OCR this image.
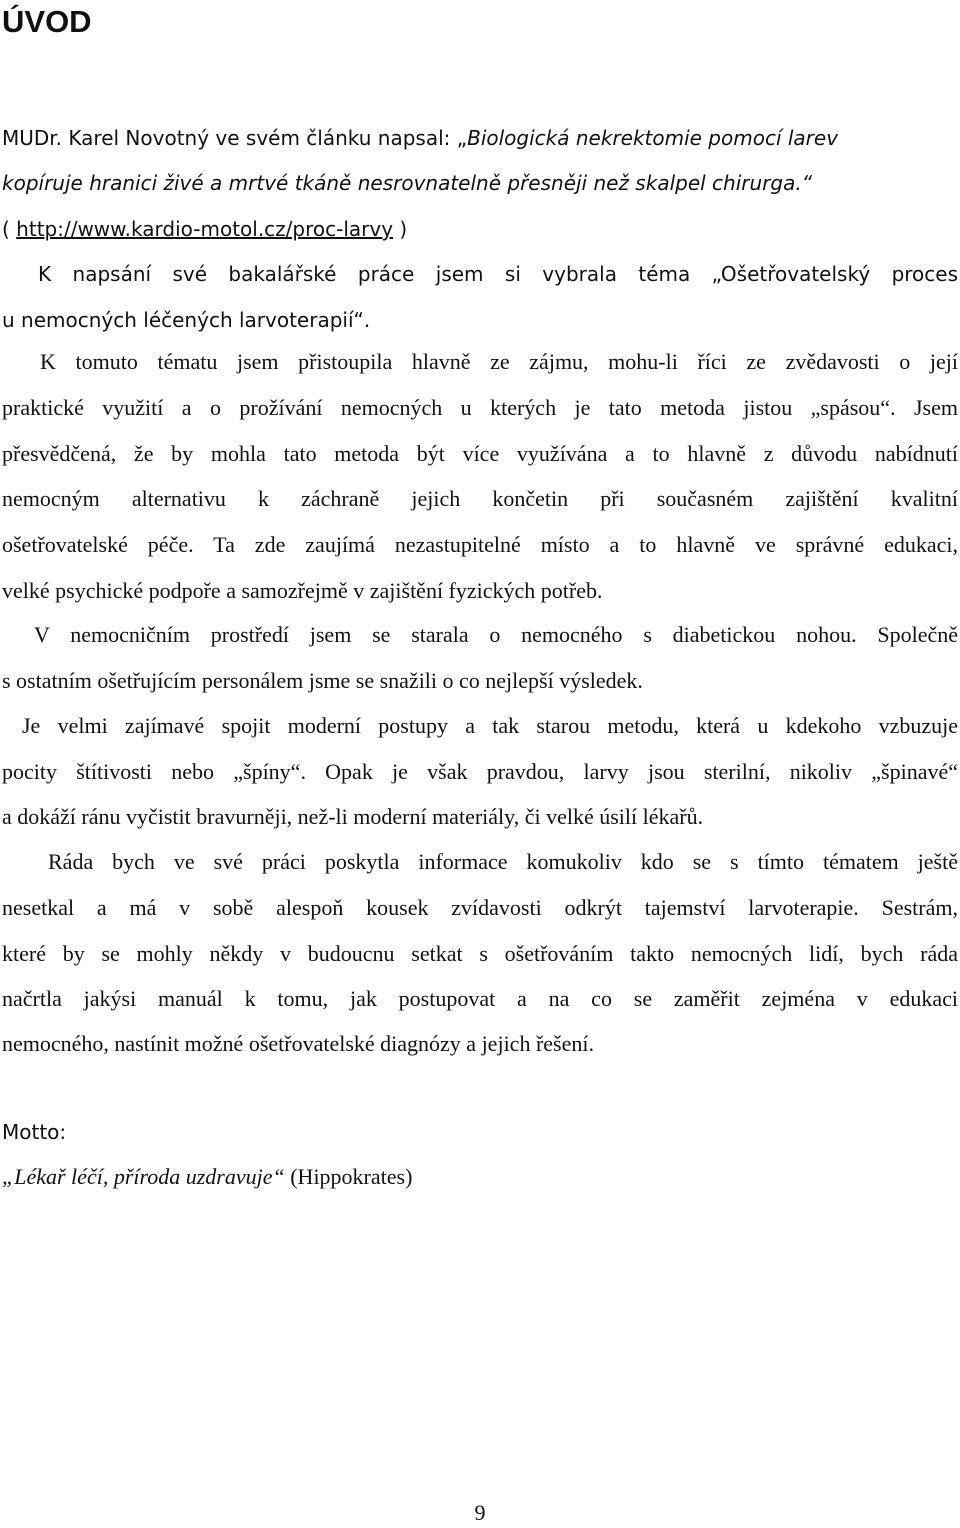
ÚVOD
MUDr. Karel Novotný ve svém článku napsal: „Biologická nekrektomie pomocí larev
kopíruje hranici živé a mrtvé tkáně nesrovnatelně přesněji než skalpel chirurga.“
( http://www.kardio-motol.cz/proc-larvy )
K napsání své bakalářské práce jsem si vybrala téma „Ošetřovatelský proces
u nemocných léčených larvoterapií“.
K tomuto tématu jsem přistoupila hlavně ze zájmu, mohu-li říci ze zvědavosti o její
praktické využití a o prožívání nemocných u kterých je tato metoda jistou „spásou“. Jsem
přesvědčená, že by mohla tato metoda být více využívána a to hlavně z důvodu nabídnutí
nemocným alternativu k záchraně jejich končetin při současném zajištění kvalitní
ošetřovatelské péče. Ta zde zaujímá nezastupitelné místo a to hlavně ve správné edukaci,
velké psychické podpoře a samozřejmě v zajištění fyzických potřeb.
V nemocničním prostředí jsem se starala o nemocného s diabetickou nohou. Společně
s ostatním ošetřujícím personálem jsme se snažili o co nejlepší výsledek.
Je velmi zajímavé spojit moderní postupy a tak starou metodu, která u kdekoho vzbuzuje
pocity štítivosti nebo „špíny“. Opak je však pravdou, larvy jsou sterilní, nikoliv „špinavé“
a dokáží ránu vyčistit bravurněji, než-li moderní materiály, či velké úsilí lékařů.
Ráda bych ve své práci poskytla informace komukoliv kdo se s tímto tématem ještě
nesetkal a má v sobě alespoň kousek zvídavosti odkrýt tajemství larvoterapie. Sestrám,
které by se mohly někdy v budoucnu setkat s ošetřováním takto nemocných lidí, bych ráda
načrtla jakýsi manuál k tomu, jak postupovat a na co se zaměřit zejména v edukaci
nemocného, nastínit možné ošetřovatelské diagnózy a jejich řešení.
Motto:
„Lékař léčí, příroda uzdravuje“ (Hippokrates)
9
